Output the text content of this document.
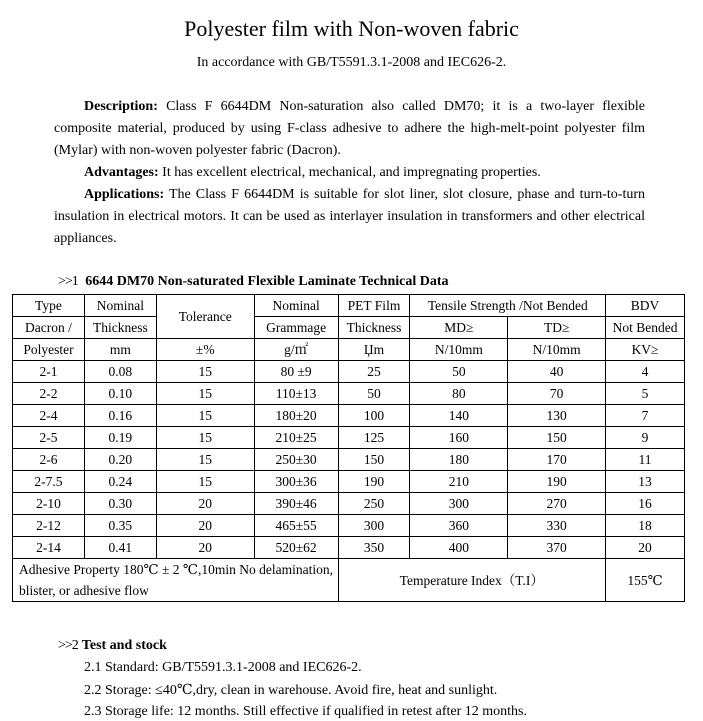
Polyester film with Non-woven fabric
In accordance with GB/T5591.3.1-2008 and IEC626-2.
Description: Class F 6644DM Non-saturation also called DM70; it is a two-layer flexible composite material, produced by using F-class adhesive to adhere the high-melt-point polyester film (Mylar) with non-woven polyester fabric (Dacron).
Advantages: It has excellent electrical, mechanical, and impregnating properties.
Applications: The Class F 6644DM is suitable for slot liner, slot closure, phase and turn-to-turn insulation in electrical motors. It can be used as interlayer insulation in transformers and other electrical appliances.
>>1 6644 DM70 Non-saturated Flexible Laminate Technical Data
Type	Nominal	Tolerance	Nominal	PET Film	Tensile Strength /Not Bended		BDV
Dacron /	Thickness		Grammage	Thickness	MD≥	TD≥	Not Bended
Polyester	mm	±%	g/㎡	Џm	N/10mm	N/10mm	KV≥
2-1	0.08	15	80 ±9	25	50	40	4
2-2	0.10	15	110±13	50	80	70	5
2-4	0.16	15	180±20	100	140	130	7
2-5	0.19	15	210±25	125	160	150	9
2-6	0.20	15	250±30	150	180	170	11
2-7.5	0.24	15	300±36	190	210	190	13
2-10	0.30	20	390±46	250	300	270	16
2-12	0.35	20	465±55	300	360	330	18
2-14	0.41	20	520±62	350	400	370	20
Adhesive Property 180℃ ± 2 ℃,10min No delamination, blister, or adhesive flow				Temperature Index（T.I）			155℃
>>2 Test and stock
2.1 Standard: GB/T5591.3.1-2008 and IEC626-2.
2.2 Storage: ≤40℃,dry, clean in warehouse. Avoid fire, heat and sunlight.
2.3 Storage life: 12 months. Still effective if qualified in retest after 12 months.
